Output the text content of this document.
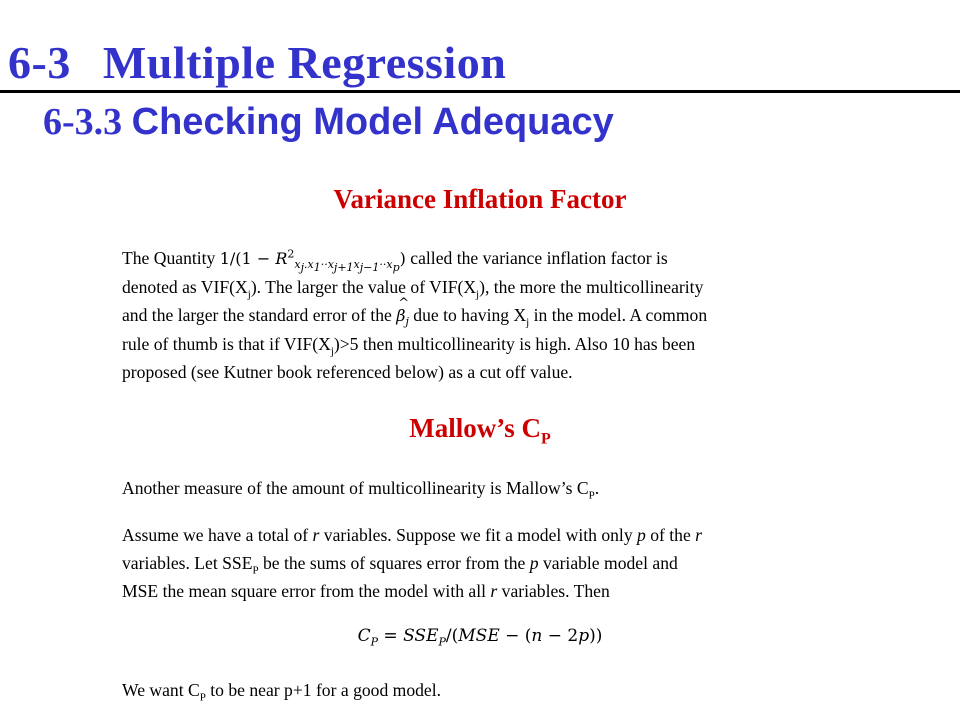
6-3 Multiple Regression
6-3.3 Checking Model Adequacy
Variance Inflation Factor
The Quantity $1/(1 - R^2_{x_j.x_1\cdot\cdot x_{j+1}x_{j-1}\cdot\cdot x_p})$ called the variance inflation factor is
denoted as $VIF(X_j)$. The larger the value of $VIF(X_j)$, the more the multicollinearity
and the larger the standard error of the ^ $\beta_j$ due to having $X_j$ in the model. A common
rule of thumb is that if $VIF(X_j)>5$ then multicollinearity is high. Also 10 has been
proposed (see Kutner book referenced below) as a cut off value.
Mallow’s $C_P$
Another measure of the amount of multicollinearity is Mallow’s $C_P$.
Assume we have a total of r variables. Suppose we fit a model with only p of the r
variables. Let $SSE_P$ be the sums of squares error from the p variable model and
MSE the mean square error from the model with all r variables. Then
$C_P = SSE_P/(MSE - (n - 2p))$
We want $C_P$ to be near p+1 for a good model.
